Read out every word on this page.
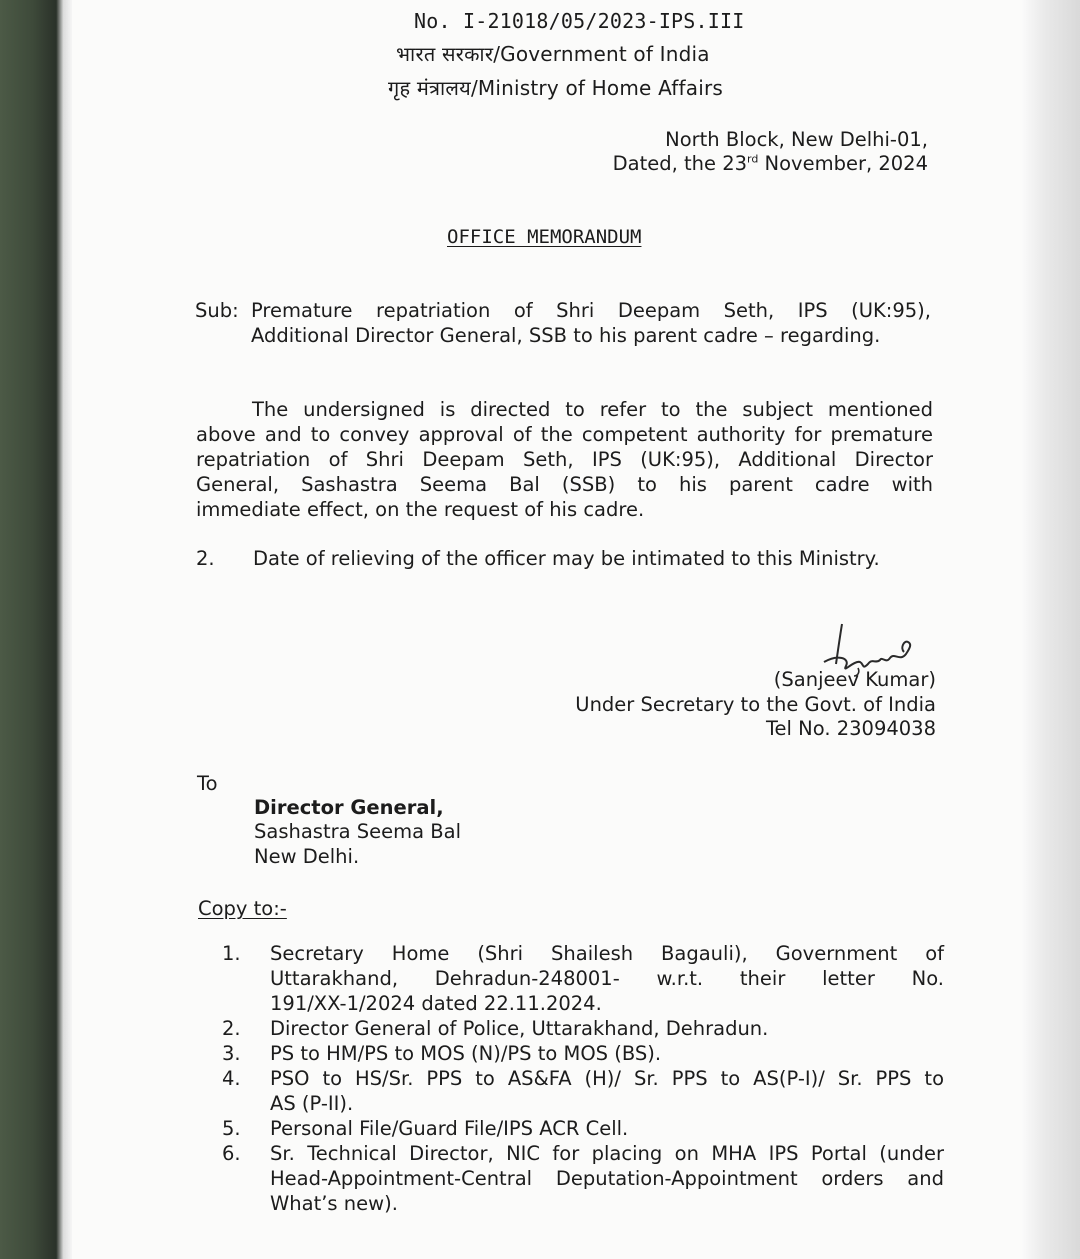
No. I-21018/05/2023-IPS.III
भारत सरकार/Government of India
गृह मंत्रालय/Ministry of Home Affairs
North Block, New Delhi-01,
Dated, the 23rd November, 2024
OFFICE MEMORANDUM
Sub: Premature repatriation of Shri Deepam Seth, IPS (UK:95),
Additional Director General, SSB to his parent cadre – regarding.
The undersigned is directed to refer to the subject mentioned
above and to convey approval of the competent authority for premature
repatriation of Shri Deepam Seth, IPS (UK:95), Additional Director
General, Sashastra Seema Bal (SSB) to his parent cadre with
immediate effect, on the request of his cadre.
2. Date of relieving of the officer may be intimated to this Ministry.
(Sanjeev Kumar)
Under Secretary to the Govt. of India
Tel No. 23094038
To
Director General,
Sashastra Seema Bal
New Delhi.
Copy to:-
1.	Secretary Home (Shri Shailesh Bagauli), Government of
Uttarakhand, Dehradun-248001- w.r.t. their letter No.
191/XX-1/2024 dated 22.11.2024.
2.	Director General of Police, Uttarakhand, Dehradun.
3.	PS to HM/PS to MOS (N)/PS to MOS (BS).
4.	PSO to HS/Sr. PPS to AS&FA (H)/ Sr. PPS to AS(P-I)/ Sr. PPS to
AS (P-II).
5.	Personal File/Guard File/IPS ACR Cell.
6.	Sr. Technical Director, NIC for placing on MHA IPS Portal (under
Head-Appointment-Central Deputation-Appointment orders and
What’s new).
